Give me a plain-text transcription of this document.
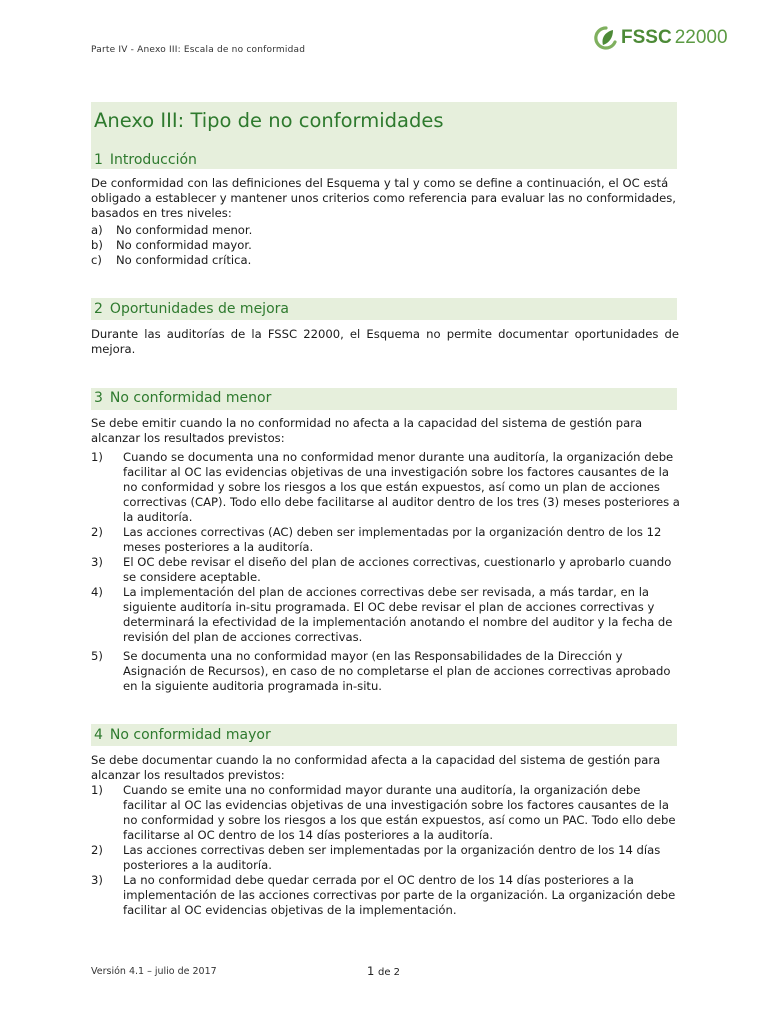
Parte IV - Anexo III: Escala de no conformidad
FSSC 22000
Anexo III: Tipo de no conformidades
1 Introducción

De conformidad con las definiciones del Esquema y tal y como se define a continuación, el OC está obligado a establecer y mantener unos criterios como referencia para evaluar las no conformidades, basados en tres niveles:

a)	No conformidad menor.
b)	No conformidad mayor.
c)	No conformidad crítica.
2 Oportunidades de mejora

Durante las auditorías de la FSSC 22000, el Esquema no permite documentar oportunidades de mejora.

3 No conformidad menor

Se debe emitir cuando la no conformidad no afecta a la capacidad del sistema de gestión para alcanzar los resultados previstos:

1)	Cuando se documenta una no conformidad menor durante una auditoría, la organización debe facilitar al OC las evidencias objetivas de una investigación sobre los factores causantes de la no conformidad y sobre los riesgos a los que están expuestos, así como un plan de acciones correctivas (CAP). Todo ello debe facilitarse al auditor dentro de los tres (3) meses posteriores a la auditoría.
2)	Las acciones correctivas (AC) deben ser implementadas por la organización dentro de los 12 meses posteriores a la auditoría.
3)	El OC debe revisar el diseño del plan de acciones correctivas, cuestionarlo y aprobarlo cuando se considere aceptable.
4)	La implementación del plan de acciones correctivas debe ser revisada, a más tardar, en la siguiente auditoría in-situ programada. El OC debe revisar el plan de acciones correctivas y determinará la efectividad de la implementación anotando el nombre del auditor y la fecha de revisión del plan de acciones correctivas.
5)	Se documenta una no conformidad mayor (en las Responsabilidades de la Dirección y Asignación de Recursos), en caso de no completarse el plan de acciones correctivas aprobado en la siguiente auditoria programada in-situ.
4 No conformidad mayor

Se debe documentar cuando la no conformidad afecta a la capacidad del sistema de gestión para alcanzar los resultados previstos:

1)	Cuando se emite una no conformidad mayor durante una auditoría, la organización debe facilitar al OC las evidencias objetivas de una investigación sobre los factores causantes de la no conformidad y sobre los riesgos a los que están expuestos, así como un PAC. Todo ello debe facilitarse al OC dentro de los 14 días posteriores a la auditoría.
2)	Las acciones correctivas deben ser implementadas por la organización dentro de los 14 días posteriores a la auditoría.
3)	La no conformidad debe quedar cerrada por el OC dentro de los 14 días posteriores a la implementación de las acciones correctivas por parte de la organización. La organización debe facilitar al OC evidencias objetivas de la implementación.
Versión 4.1 – julio de 2017	1 de 2
